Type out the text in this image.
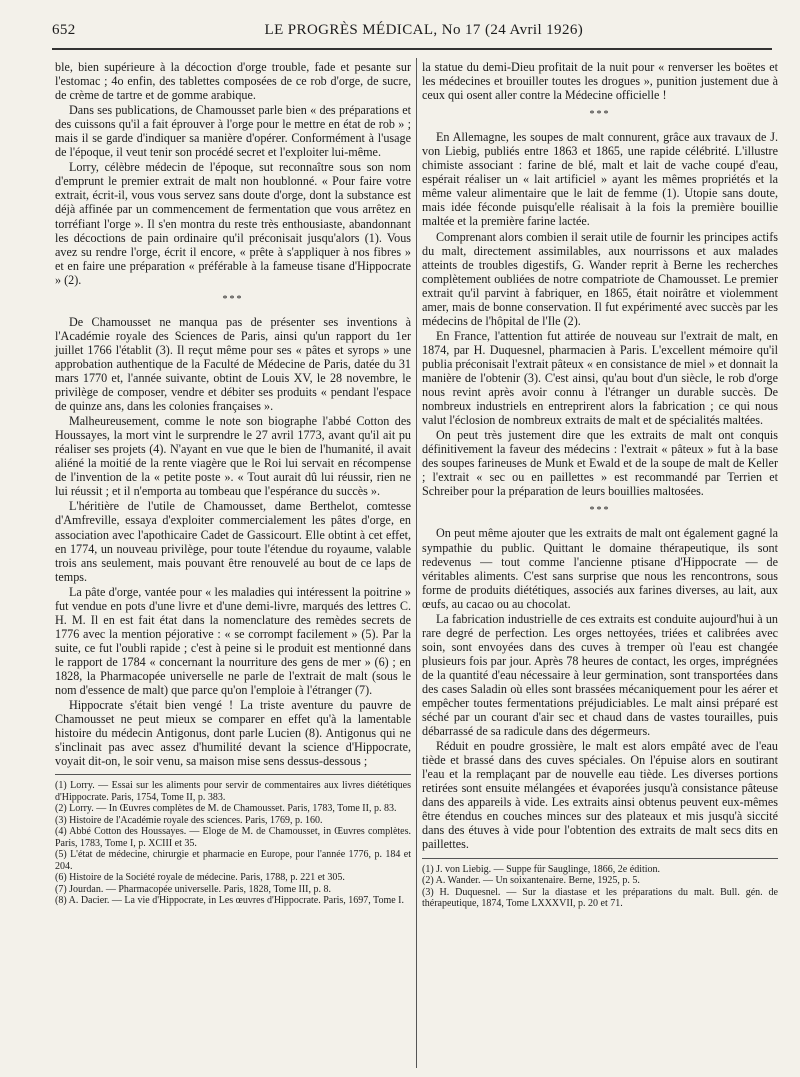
652	LE PROGRÈS MÉDICAL, No 17 (24 Avril 1926)

ble, bien supérieure à la décoction d'orge trouble, fade et pesante sur l'estomac ; 4o enfin, des tablettes composées de ce rob d'orge, de sucre, de crème de tartre et de gomme arabique.

Dans ses publications, de Chamousset parle bien « des préparations et des cuissons qu'il a fait éprouver à l'orge pour le mettre en état de rob » ; mais il se garde d'indiquer sa manière d'opérer. Conformément à l'usage de l'époque, il veut tenir son procédé secret et l'exploiter lui-même.

Lorry, célèbre médecin de l'époque, sut reconnaître sous son nom d'emprunt le premier extrait de malt non houblonné. « Pour faire votre extrait, écrit-il, vous vous servez sans doute d'orge, dont la substance est déjà affinée par un commencement de fermentation que vous arrêtez en torréfiant l'orge ». Il s'en montra du reste très enthousiaste, abandonnant les décoctions de pain ordinaire qu'il préconisait jusqu'alors (1). Vous avez su rendre l'orge, écrit il encore, « prête à s'appliquer à nos fibres » et en faire une préparation « préférable à la fameuse tisane d'Hippocrate » (2).

***

De Chamousset ne manqua pas de présenter ses inventions à l'Académie royale des Sciences de Paris, ainsi qu'un rapport du 1er juillet 1766 l'établit (3). Il reçut même pour ses « pâtes et syrops » une approbation authentique de la Faculté de Médecine de Paris, datée du 31 mars 1770 et, l'année suivante, obtint de Louis XV, le 28 novembre, le privilège de composer, vendre et débiter ses produits « pendant l'espace de quinze ans, dans les colonies françaises ».

Malheureusement, comme le note son biographe l'abbé Cotton des Houssayes, la mort vint le surprendre le 27 avril 1773, avant qu'il ait pu réaliser ses projets (4). N'ayant en vue que le bien de l'humanité, il avait aliéné la moitié de la rente viagère que le Roi lui servait en récompense de l'invention de la « petite poste ». « Tout aurait dû lui réussir, rien ne lui réussit ; et il n'emporta au tombeau que l'espérance du succès ».

L'héritière de l'utile de Chamousset, dame Berthelot, comtesse d'Amfreville, essaya d'exploiter commercialement les pâtes d'orge, en association avec l'apothicaire Cadet de Gassicourt. Elle obtint à cet effet, en 1774, un nouveau privilège, pour toute l'étendue du royaume, valable trois ans seulement, mais pouvant être renouvelé au bout de ce laps de temps.

La pâte d'orge, vantée pour « les maladies qui intéressent la poitrine » fut vendue en pots d'une livre et d'une demi-livre, marqués des lettres C. H. M. Il en est fait état dans la nomenclature des remèdes secrets de 1776 avec la mention péjorative : « se corrompt facilement » (5). Par la suite, ce fut l'oubli rapide ; c'est à peine si le produit est mentionné dans le rapport de 1784 « concernant la nourriture des gens de mer » (6) ; en 1828, la Pharmacopée universelle ne parle de l'extrait de malt (sous le nom d'essence de malt) que parce qu'on l'emploie à l'étranger (7).

Hippocrate s'était bien vengé ! La triste aventure du pauvre de Chamousset ne peut mieux se comparer en effet qu'à la lamentable histoire du médecin Antigonus, dont parle Lucien (8). Antigonus qui ne s'inclinait pas avec assez d'humilité devant la science d'Hippocrate, voyait dit-on, le soir venu, sa maison mise sens dessus-dessous ;

(1) Lorry. — Essai sur les aliments pour servir de commentaires aux livres diététiques d'Hippocrate. Paris, 1754, Tome II, p. 383.
(2) Lorry. — In Œuvres complètes de M. de Chamousset. Paris, 1783, Tome II, p. 83.
(3) Histoire de l'Académie royale des sciences. Paris, 1769, p. 160.
(4) Abbé Cotton des Houssayes. — Eloge de M. de Chamousset, in Œuvres complètes. Paris, 1783, Tome I, p. XCIII et 35.
(5) L'état de médecine, chirurgie et pharmacie en Europe, pour l'année 1776, p. 184 et 204.
(6) Histoire de la Société royale de médecine. Paris, 1788, p. 221 et 305.
(7) Jourdan. — Pharmacopée universelle. Paris, 1828, Tome III, p. 8.
(8) A. Dacier. — La vie d'Hippocrate, in Les œuvres d'Hippocrate. Paris, 1697, Tome I.

la statue du demi-Dieu profitait de la nuit pour « renverser les boëtes et les médecines et brouiller toutes les drogues », punition justement due à ceux qui osent aller contre la Médecine officielle !

***

En Allemagne, les soupes de malt connurent, grâce aux travaux de J. von Liebig, publiés entre 1863 et 1865, une rapide célébrité. L'illustre chimiste associant : farine de blé, malt et lait de vache coupé d'eau, espérait réaliser un « lait artificiel » ayant les mêmes propriétés et la même valeur alimentaire que le lait de femme (1). Utopie sans doute, mais idée féconde puisqu'elle réalisait à la fois la première bouillie maltée et la première farine lactée.

Comprenant alors combien il serait utile de fournir les principes actifs du malt, directement assimilables, aux nourrissons et aux malades atteints de troubles digestifs, G. Wander reprit à Berne les recherches complètement oubliées de notre compatriote de Chamousset. Le premier extrait qu'il parvint à fabriquer, en 1865, était noirâtre et violemment amer, mais de bonne conservation. Il fut expérimenté avec succès par les médecins de l'hôpital de l'Ile (2).

En France, l'attention fut attirée de nouveau sur l'extrait de malt, en 1874, par H. Duquesnel, pharmacien à Paris. L'excellent mémoire qu'il publia préconisait l'extrait pâteux « en consistance de miel » et donnait la manière de l'obtenir (3). C'est ainsi, qu'au bout d'un siècle, le rob d'orge nous revint après avoir connu à l'étranger un durable succès. De nombreux industriels en entreprirent alors la fabrication ; ce qui nous valut l'éclosion de nombreux extraits de malt et de spécialités maltées.

On peut très justement dire que les extraits de malt ont conquis définitivement la faveur des médecins : l'extrait « pâteux » fut à la base des soupes farineuses de Munk et Ewald et de la soupe de malt de Keller ; l'extrait « sec ou en paillettes » est recommandé par Terrien et Schreiber pour la préparation de leurs bouillies maltosées.

***

On peut même ajouter que les extraits de malt ont également gagné la sympathie du public. Quittant le domaine thérapeutique, ils sont redevenus — tout comme l'ancienne ptisane d'Hippocrate — de véritables aliments. C'est sans surprise que nous les rencontrons, sous forme de produits diététiques, associés aux farines diverses, au lait, aux œufs, au cacao ou au chocolat.

La fabrication industrielle de ces extraits est conduite aujourd'hui à un rare degré de perfection. Les orges nettoyées, triées et calibrées avec soin, sont envoyées dans des cuves à tremper où l'eau est changée plusieurs fois par jour. Après 78 heures de contact, les orges, imprégnées de la quantité d'eau nécessaire à leur germination, sont transportées dans des cases Saladin où elles sont brassées mécaniquement pour les aérer et empêcher toutes fermentations préjudiciables. Le malt ainsi préparé est séché par un courant d'air sec et chaud dans de vastes tourailles, puis débarrassé de sa radicule dans des dégermeurs.

Réduit en poudre grossière, le malt est alors empâté avec de l'eau tiède et brassé dans des cuves spéciales. On l'épuise alors en soutirant l'eau et la remplaçant par de nouvelle eau tiède. Les diverses portions retirées sont ensuite mélangées et évaporées jusqu'à consistance pâteuse dans des appareils à vide. Les extraits ainsi obtenus peuvent eux-mêmes être étendus en couches minces sur des plateaux et mis jusqu'à siccité dans des étuves à vide pour l'obtention des extraits de malt secs dits en paillettes.

(1) J. von Liebig. — Suppe für Sauglinge, 1866, 2e édition.
(2) A. Wander. — Un soixantenaire. Berne, 1925, p. 5.
(3) H. Duquesnel. — Sur la diastase et les préparations du malt. Bull. gén. de thérapeutique, 1874, Tome LXXXVII, p. 20 et 71.
